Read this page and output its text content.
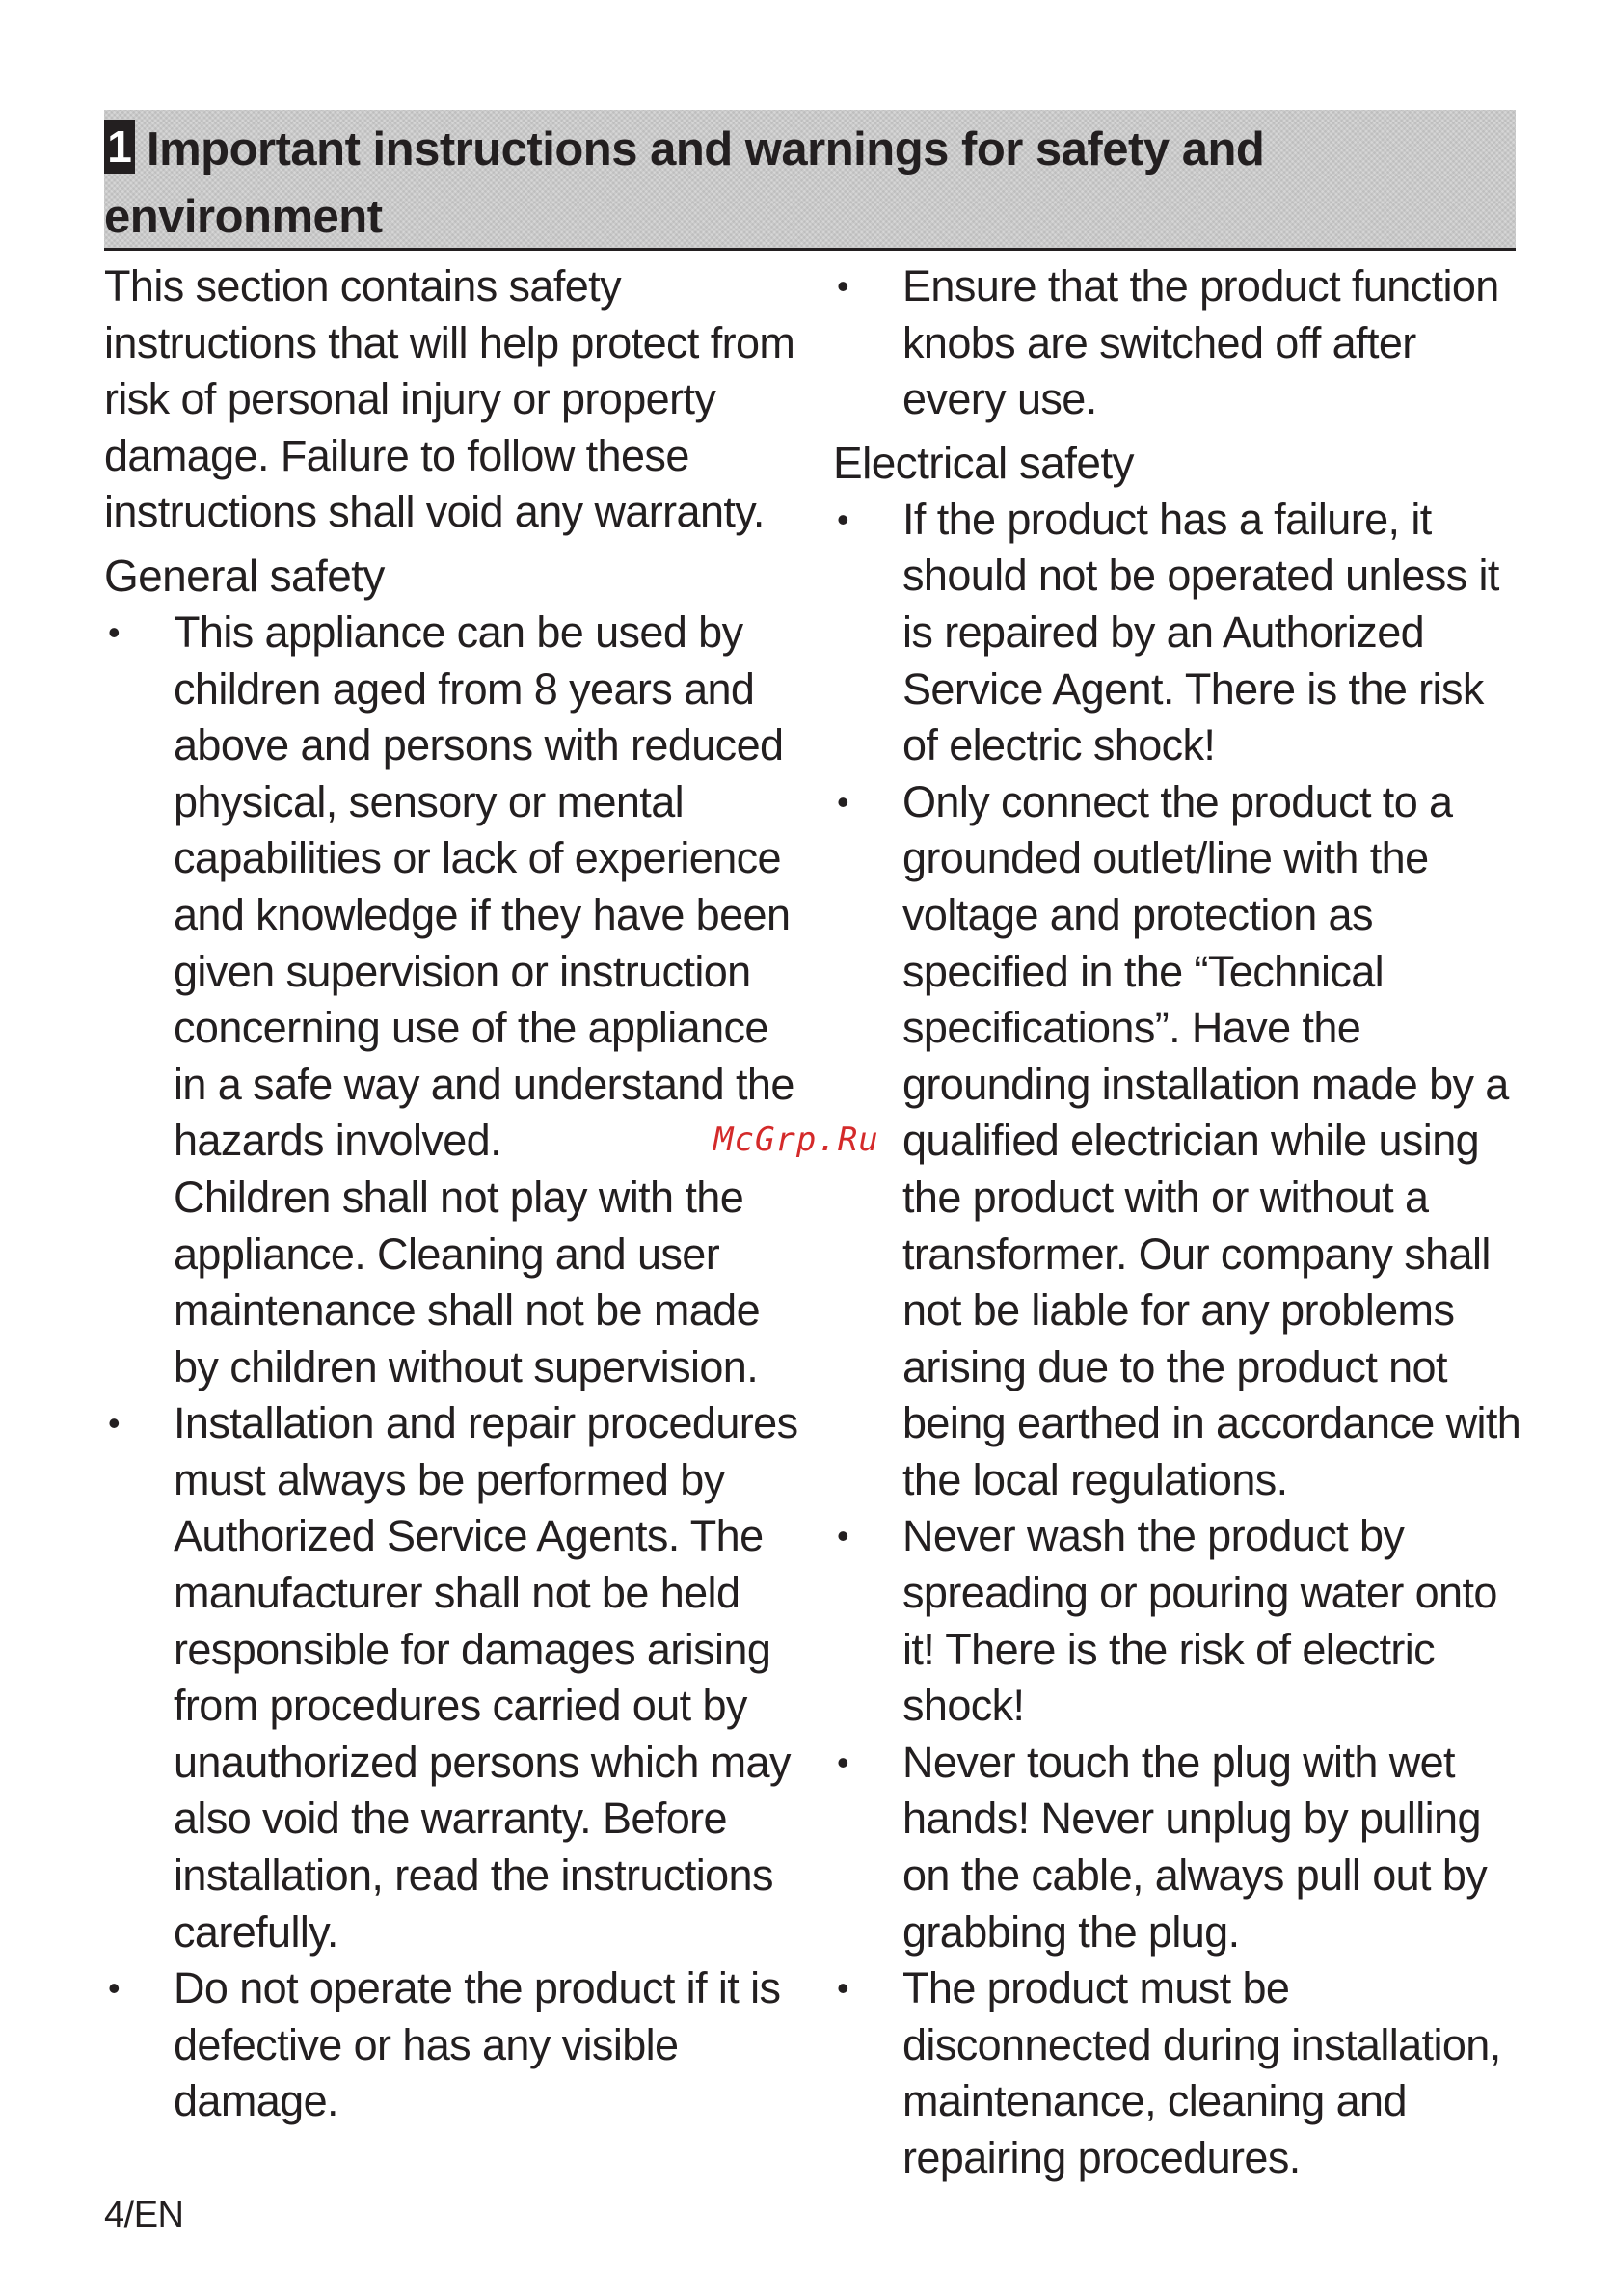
1 Important instructions and warnings for safety and environment

This section contains safety instructions that will help protect from risk of personal injury or property damage. Failure to follow these instructions shall void any warranty.

General safety
• This appliance can be used by children aged from 8 years and above and persons with reduced physical, sensory or mental capabilities or lack of experience and knowledge if they have been given supervision or instruction concerning use of the appliance in a safe way and understand the hazards involved.
Children shall not play with the appliance. Cleaning and user maintenance shall not be made by children without supervision.
• Installation and repair procedures must always be performed by Authorized Service Agents. The manufacturer shall not be held responsible for damages arising from procedures carried out by unauthorized persons which may also void the warranty. Before installation, read the instructions carefully.
• Do not operate the product if it is defective or has any visible damage.
• Ensure that the product function knobs are switched off after every use.
Electrical safety
• If the product has a failure, it should not be operated unless it is repaired by an Authorized Service Agent. There is the risk of electric shock!
• Only connect the product to a grounded outlet/line with the voltage and protection as specified in the “Technical specifications”. Have the grounding installation made by a qualified electrician while using the product with or without a transformer. Our company shall not be liable for any problems arising due to the product not being earthed in accordance with the local regulations.
• Never wash the product by spreading or pouring water onto it! There is the risk of electric shock!
• Never touch the plug with wet hands! Never unplug by pulling on the cable, always pull out by grabbing the plug.
• The product must be disconnected during installation, maintenance, cleaning and repairing procedures.
McGrp.Ru
4/EN
